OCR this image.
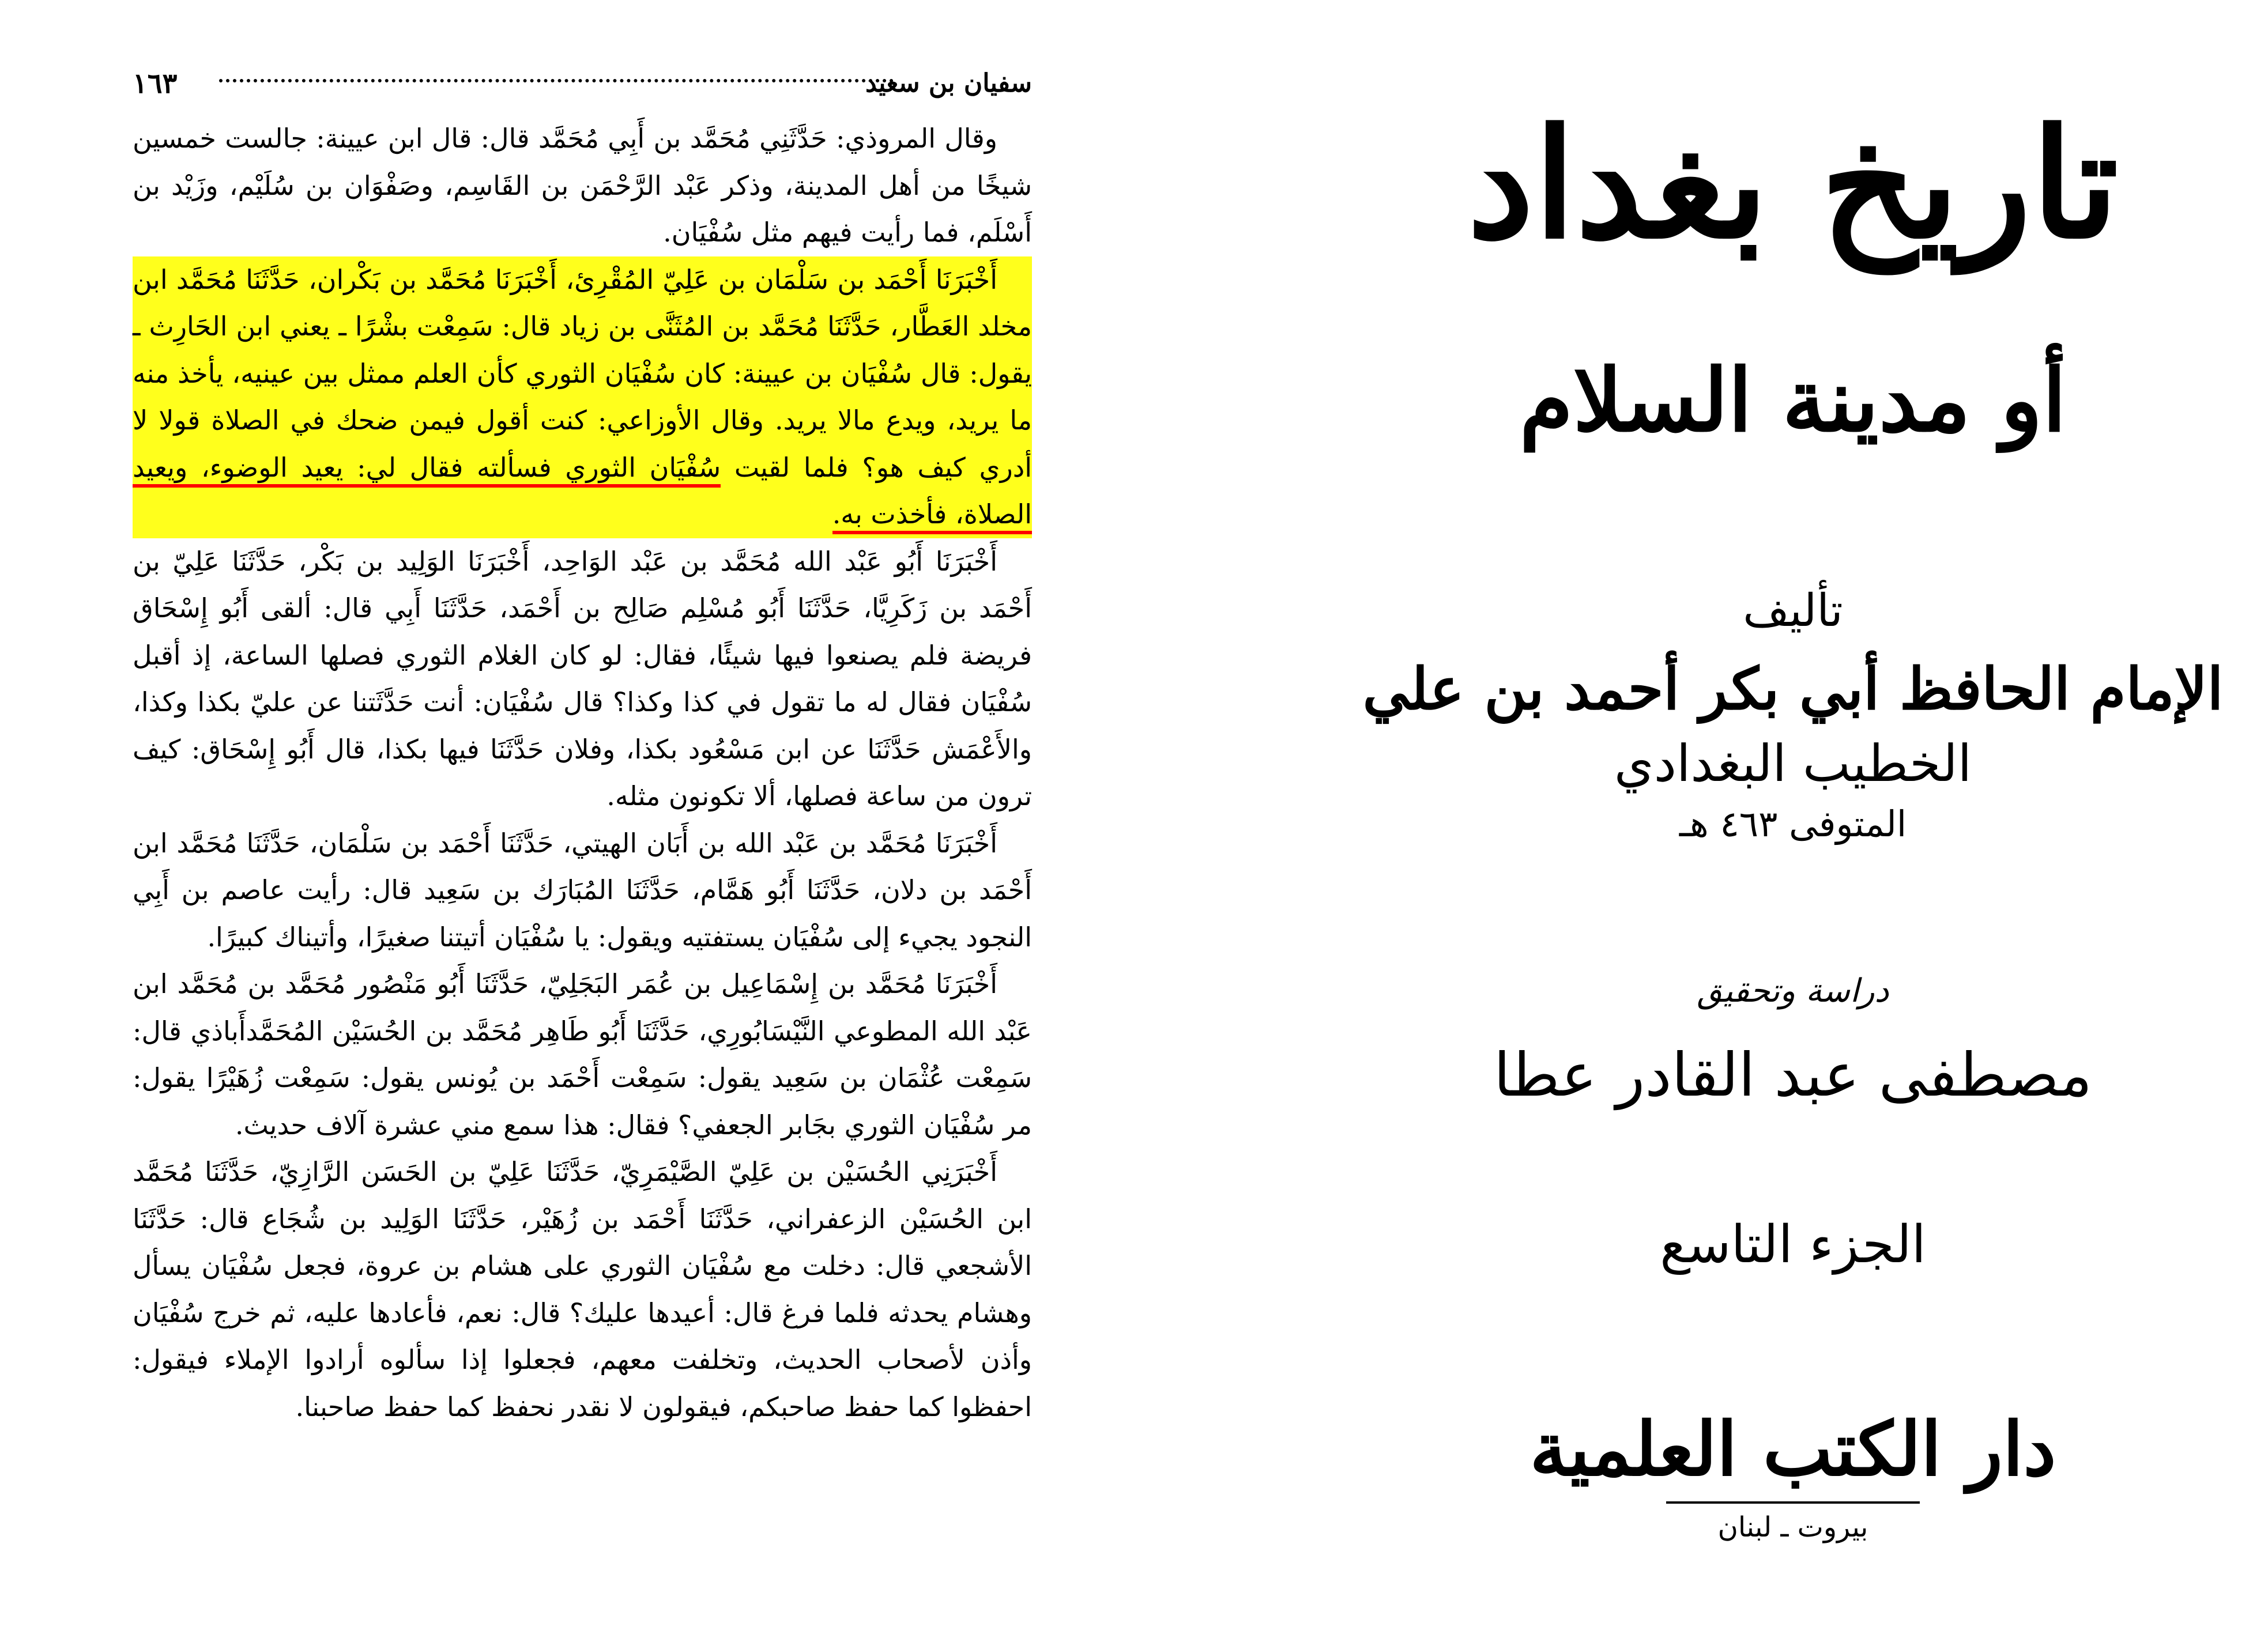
سفيان بن سعيد
١٦٣

وقال المروذي: حَدَّثَنِي مُحَمَّد بن أَبِي مُحَمَّد قال: قال ابن عيينة: جالست خمسين شيخًا من أهل المدينة، وذكر عَبْد الرَّحْمَن بن القَاسِم، وصَفْوَان بن سُلَيْم، وزَيْد بن أَسْلَم، فما رأيت فيهم مثل سُفْيَان.

أَخْبَرَنَا أَحْمَد بن سَلْمَان بن عَلِيّ المُقْرِئ، أَخْبَرَنَا مُحَمَّد بن بَكْران، حَدَّثَنَا مُحَمَّد ابن مخلد العَطَّار، حَدَّثَنَا مُحَمَّد بن المُثَنَّى بن زياد قال: سَمِعْت بشْرًا ـ يعني ابن الحَارِث ـ يقول: قال سُفْيَان بن عيينة: كان سُفْيَان الثوري كأن العلم ممثل بين عينيه، يأخذ منه ما يريد، ويدع مالا يريد. وقال الأوزاعي: كنت أقول فيمن ضحك في الصلاة قولا لا أدري كيف هو؟ فلما لقيت سُفْيَان الثوري فسألته فقال لي: يعيد الوضوء، ويعيد الصلاة، فأخذت به.

أَخْبَرَنَا أَبُو عَبْد الله مُحَمَّد بن عَبْد الوَاحِد، أَخْبَرَنَا الوَلِيد بن بَكْر، حَدَّثَنَا عَلِيّ بن أَحْمَد بن زَكَرِيَّا، حَدَّثَنَا أَبُو مُسْلِم صَالِح بن أَحْمَد، حَدَّثَنَا أَبِي قال: ألقى أَبُو إِسْحَاق فريضة فلم يصنعوا فيها شيئًا، فقال: لو كان الغلام الثوري فصلها الساعة، إذ أقبل سُفْيَان فقال له ما تقول في كذا وكذا؟ قال سُفْيَان: أنت حَدَّثَتنا عن عليّ بكذا وكذا، والأَعْمَش حَدَّثَنَا عن ابن مَسْعُود بكذا، وفلان حَدَّثَنَا فيها بكذا، قال أَبُو إِسْحَاق: كيف ترون من ساعة فصلها، ألا تكونون مثله.

أَخْبَرَنَا مُحَمَّد بن عَبْد الله بن أَبَان الهيتي، حَدَّثَنَا أَحْمَد بن سَلْمَان، حَدَّثَنَا مُحَمَّد ابن أَحْمَد بن دلان، حَدَّثَنَا أَبُو هَمَّام، حَدَّثَنَا المُبَارَك بن سَعِيد قال: رأيت عاصم بن أَبِي النجود يجيء إلى سُفْيَان يستفتيه ويقول: يا سُفْيَان أتيتنا صغيرًا، وأتيناك كبيرًا.

أَخْبَرَنَا مُحَمَّد بن إِسْمَاعِيل بن عُمَر البَجَلِيّ، حَدَّثَنَا أَبُو مَنْصُور مُحَمَّد بن مُحَمَّد ابن عَبْد الله المطوعي النَّيْسَابُورِي، حَدَّثَنَا أَبُو طَاهِر مُحَمَّد بن الحُسَيْن المُحَمَّدأَباذي قال: سَمِعْت عُثْمَان بن سَعِيد يقول: سَمِعْت أَحْمَد بن يُونس يقول: سَمِعْت زُهَيْرًا يقول: مر سُفْيَان الثوري بجَابر الجعفي؟ فقال: هذا سمع مني عشرة آلاف حديث.

أَخْبَرَنِي الحُسَيْن بن عَلِيّ الصَّيْمَرِيّ، حَدَّثَنَا عَلِيّ بن الحَسَن الرَّازِيّ، حَدَّثَنَا مُحَمَّد ابن الحُسَيْن الزعفراني، حَدَّثَنَا أَحْمَد بن زُهَيْر، حَدَّثَنَا الوَلِيد بن شُجَاع قال: حَدَّثَنَا الأشجعي قال: دخلت مع سُفْيَان الثوري على هشام بن عروة، فجعل سُفْيَان يسأل وهشام يحدثه فلما فرغ قال: أعيدها عليك؟ قال: نعم، فأعادها عليه، ثم خرج سُفْيَان وأذن لأصحاب الحديث، وتخلفت معهم، فجعلوا إذا سألوه أرادوا الإملاء فيقول: احفظوا كما حفظ صاحبكم، فيقولون لا نقدر نحفظ كما حفظ صاحبنا.

تاريخ بغداد
أو مدينة السلام
تأليف
الإمام الحافظ أبي بكر أحمد بن علي
الخطيب البغدادي
المتوفى ٤٦٣ هـ
دراسة وتحقيق
مصطفى عبد القادر عطا
الجزء التاسع
دار الكتب العلمية
بيروت ـ لبنان
